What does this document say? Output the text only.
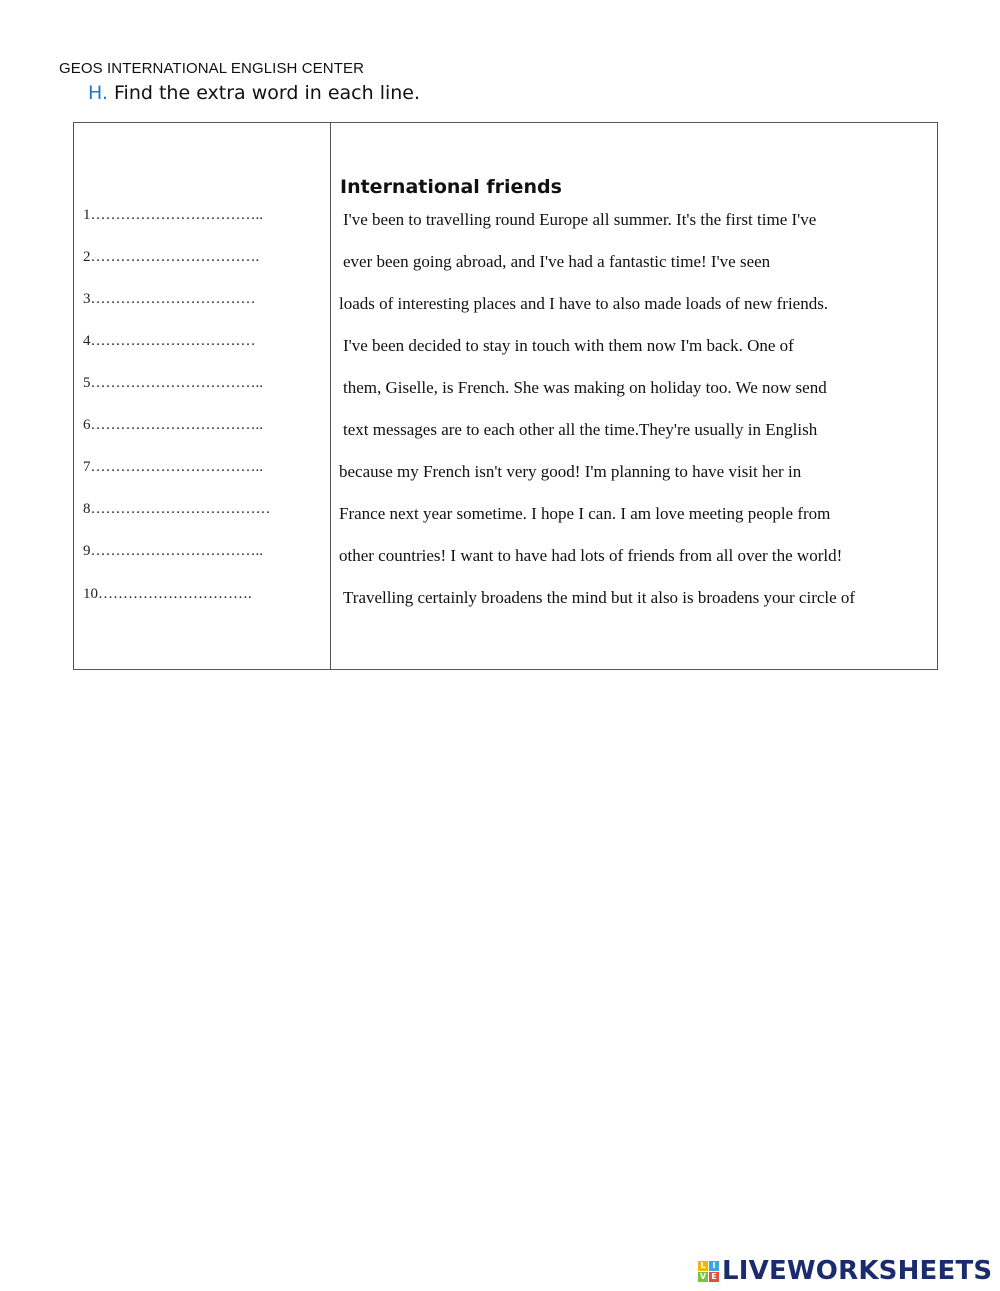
GEOS INTERNATIONAL ENGLISH CENTER
H. Find the extra word in each line.
1……………………………..
2…………………………….
3……………………………
4……………………………
5……………………………..
6……………………………..
7……………………………..
8………………………………
9……………………………..
10………………………….
International friends
I've been to travelling round Europe all summer. It's the first time I've
ever been going abroad, and I've had a fantastic time! I've seen
loads of interesting places and I have to also made loads of new friends.
I've been decided to stay in touch with them now I'm back. One of
them, Giselle, is French. She was making on holiday too. We now send
text messages are to each other all the time.They're usually in English
because my French isn't very good! I'm planning to have visit her in
France next year sometime. I hope I can. I am love meeting people from
other countries! I want to have had lots of friends from all over the world!
Travelling certainly broadens the mind but it also is broadens your circle of
L I
V E LIVEWORKSHEETS
